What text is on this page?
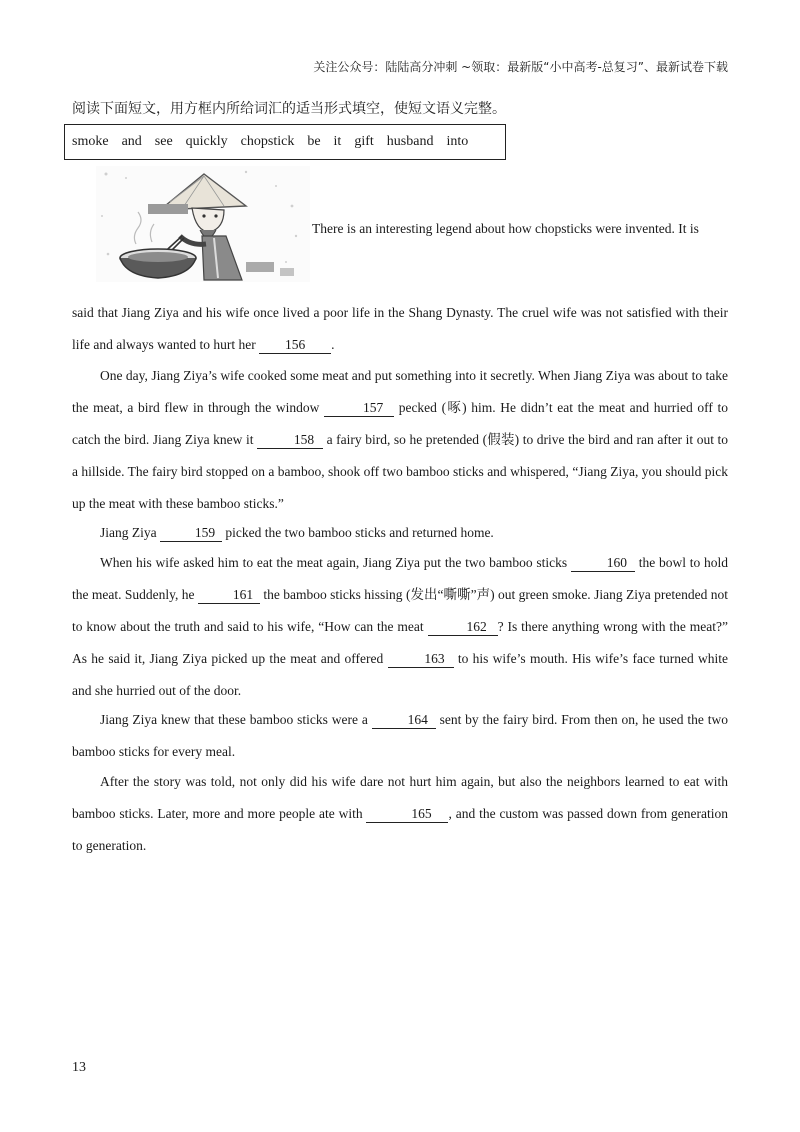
关注公众号：陆陆高分冲刺 ~领取：最新版“小中高考-总复习”、最新试卷下载
阅读下面短文，用方框内所给词汇的适当形式填空，使短文语义完整。
smoke and see quickly chopstick be it gift husband into
There is an interesting legend about how chopsticks were invented. It is
said that Jiang Ziya and his wife once lived a poor life in the Shang Dynasty. The cruel wife was not satisfied with their life and always wanted to hurt her 156 .
One day, Jiang Ziya’s wife cooked some meat and put something into it secretly. When Jiang Ziya was about to take the meat, a bird flew in through the window	157 pecked (啄) him. He didn’t eat the meat and hurried off to catch the bird. Jiang Ziya knew it	158 a fairy bird, so he pretended (假装) to drive the bird and ran after it out to a hillside. The fairy bird stopped on a bamboo, shook off two bamboo sticks and whispered, “Jiang Ziya, you should pick up the meat with these bamboo sticks.”
Jiang Ziya	159 picked the two bamboo sticks and returned home.
When his wife asked him to eat the meat again, Jiang Ziya put the two bamboo sticks	160 the bowl to hold the meat. Suddenly, he	161 the bamboo sticks hissing (发出“嘶嘶”声) out green smoke. Jiang Ziya pretended not to know about the truth and said to his wife, “How can the meat	162 ? Is there anything wrong with the meat?” As he said it, Jiang Ziya picked up the meat and offered	163 to his wife’s mouth. His wife’s face turned white and she hurried out of the door.
Jiang Ziya knew that these bamboo sticks were a	164 sent by the fairy bird. From then on, he used the two bamboo sticks for every meal.
After the story was told, not only did his wife dare not hurt him again, but also the neighbors learned to eat with bamboo sticks. Later, more and more people ate with	165 , and the custom was passed down from generation to generation.
13
